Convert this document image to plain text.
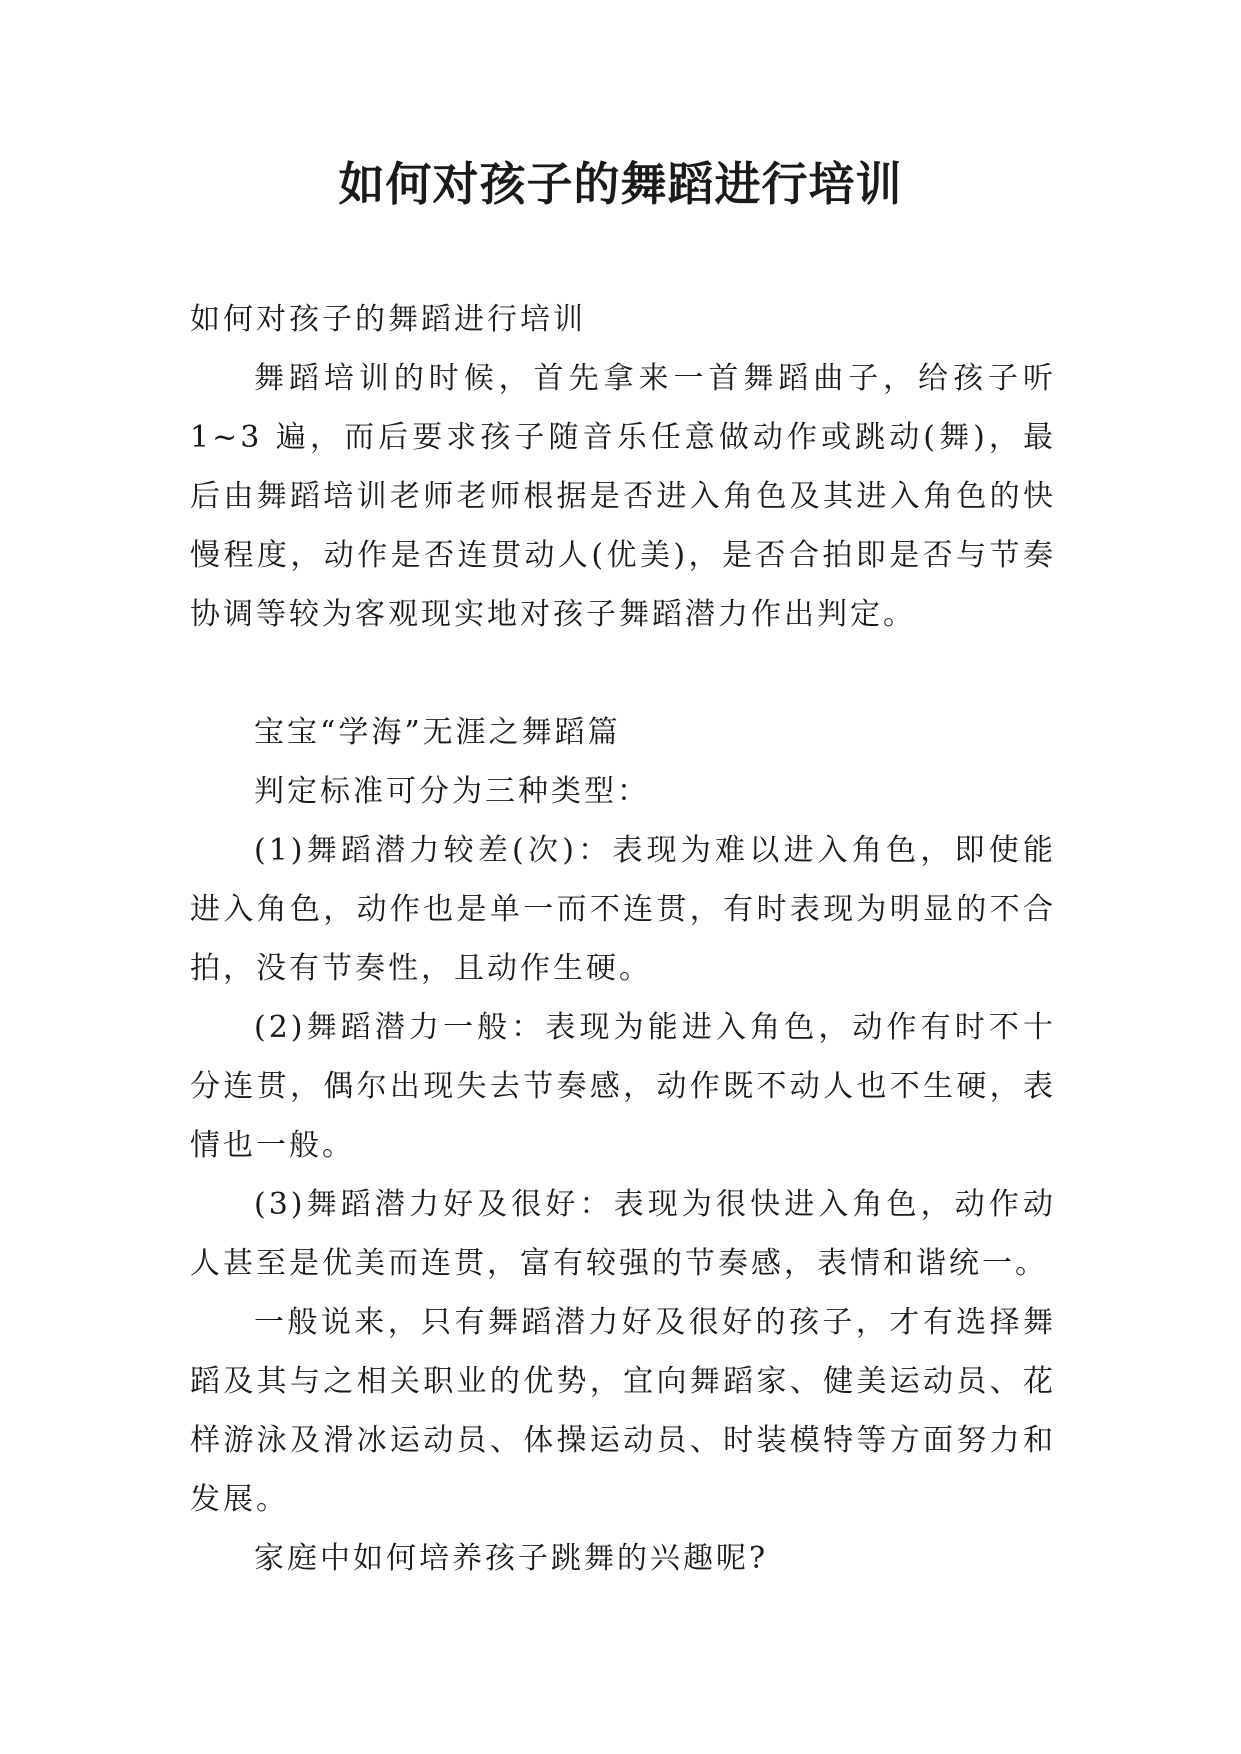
如何对孩子的舞蹈进行培训

如何对孩子的舞蹈进行培训

舞蹈培训的时候，首先拿来一首舞蹈曲子，给孩子听 1~3 遍，而后要求孩子随音乐任意做动作或跳动(舞)，最后由舞蹈培训老师老师根据是否进入角色及其进入角色的快慢程度，动作是否连贯动人(优美)，是否合拍即是否与节奏协调等较为客观现实地对孩子舞蹈潜力作出判定。

宝宝“学海”无涯之舞蹈篇

判定标准可分为三种类型：

(1)舞蹈潜力较差(次)：表现为难以进入角色，即使能进入角色，动作也是单一而不连贯，有时表现为明显的不合拍，没有节奏性，且动作生硬。

(2)舞蹈潜力一般：表现为能进入角色，动作有时不十分连贯，偶尔出现失去节奏感，动作既不动人也不生硬，表情也一般。

(3)舞蹈潜力好及很好：表现为很快进入角色，动作动人甚至是优美而连贯，富有较强的节奏感，表情和谐统一。

一般说来，只有舞蹈潜力好及很好的孩子，才有选择舞蹈及其与之相关职业的优势，宜向舞蹈家、健美运动员、花样游泳及滑冰运动员、体操运动员、时装模特等方面努力和发展。

家庭中如何培养孩子跳舞的兴趣呢?
